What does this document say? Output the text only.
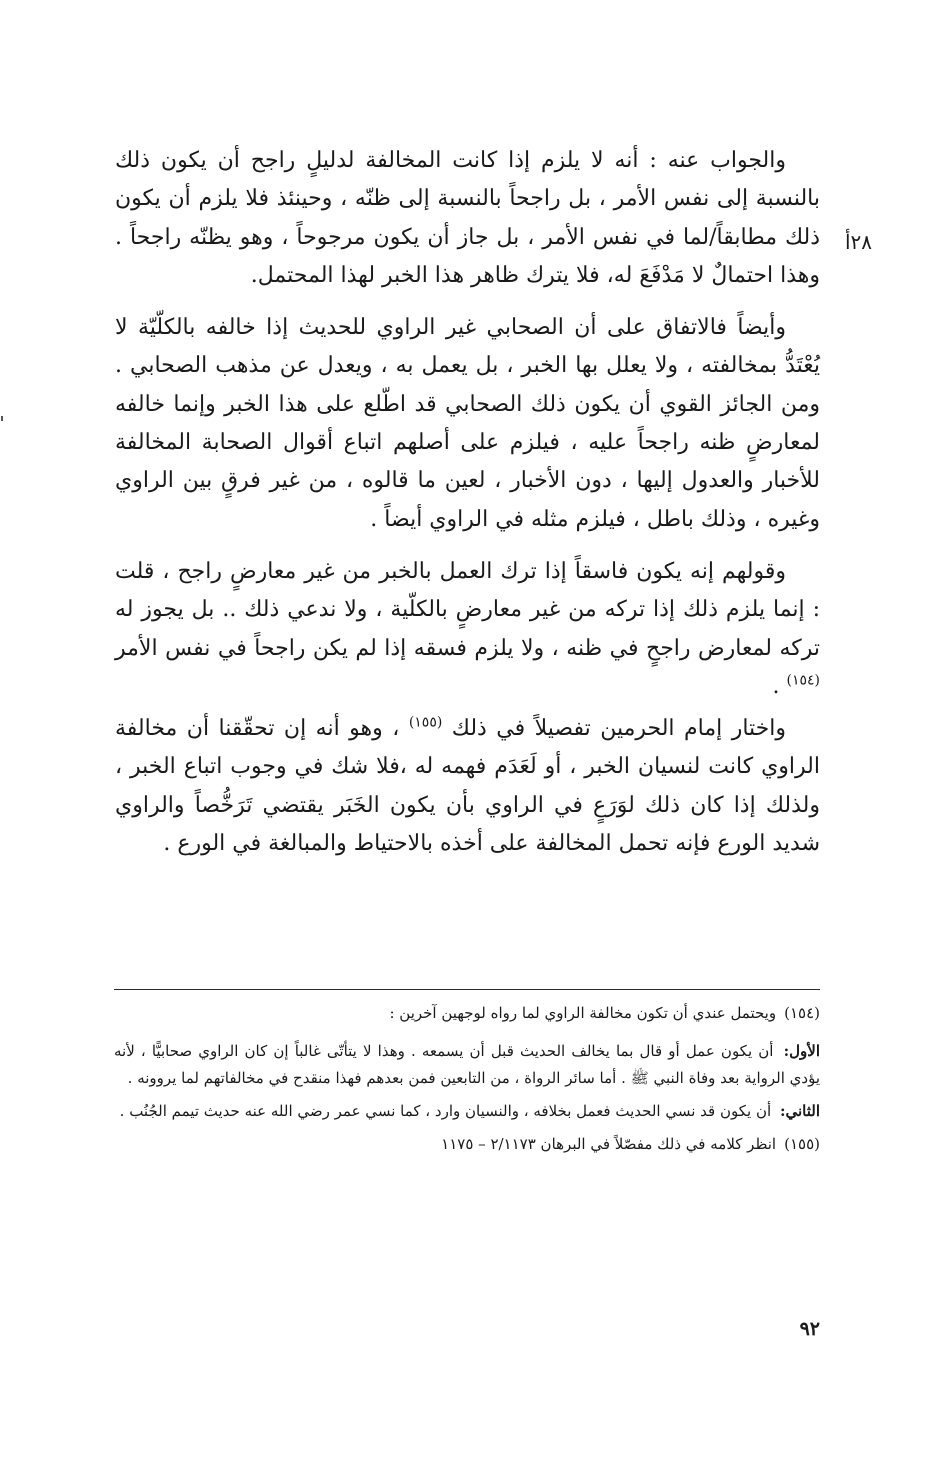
٢٨أ

والجواب عنه : أنه لا يلزم إذا كانت المخالفة لدليلٍ راجح أن يكون ذلك بالنسبة إلى نفس الأمر ، بل راجحاً بالنسبة إلى ظنّه ، وحينئذ فلا يلزم أن يكون ذلك مطابقاً/لما في نفس الأمر ، بل جاز أن يكون مرجوحاً ، وهو يظنّه راجحاً . وهذا احتمالٌ لا مَدْفَعَ له، فلا يترك ظاهر هذا الخبر لهذا المحتمل.

وأيضاً فالاتفاق على أن الصحابي غير الراوي للحديث إذا خالفه بالكلّيّة لا يُعْتَدُّ بمخالفته ، ولا يعلل بها الخبر ، بل يعمل به ، ويعدل عن مذهب الصحابي . ومن الجائز القوي أن يكون ذلك الصحابي قد اطّلع على هذا الخبر وإنما خالفه لمعارضٍ ظنه راجحاً عليه ، فيلزم على أصلهم اتباع أقوال الصحابة المخالفة للأخبار والعدول إليها ، دون الأخبار ، لعين ما قالوه ، من غير فرقٍ بين الراوي وغيره ، وذلك باطل ، فيلزم مثله في الراوي أيضاً .

وقولهم إنه يكون فاسقاً إذا ترك العمل بالخبر من غير معارضٍ راجح ، قلت : إنما يلزم ذلك إذا تركه من غير معارضٍ بالكلّية ، ولا ندعي ذلك .. بل يجوز له تركه لمعارض راجحٍ في ظنه ، ولا يلزم فسقه إذا لم يكن راجحاً في نفس الأمر $^{(١٥٤)}$ .

واختار إمام الحرمين تفصيلاً في ذلك $^{(١٥٥)}$ ، وهو أنه إن تحقّقنا أن مخالفة الراوي كانت لنسيان الخبر ، أو لَعَدَم فهمه له ،فلا شك في وجوب اتباع الخبر ، ولذلك إذا كان ذلك لوَرَعٍ في الراوي بأن يكون الخَبَر يقتضي تَرَخُّصاً والراوي شديد الورع فإنه تحمل المخالفة على أخذه بالاحتياط والمبالغة في الورع .

(١٥٤)ويحتمل عندي أن تكون مخالفة الراوي لما رواه لوجهين آخرين :

الأول: أن يكون عمل أو قال بما يخالف الحديث قبل أن يسمعه . وهذا لا يتأتّى غالباً إن كان الراوي صحابيًّا ، لأنه يؤدي الرواية بعد وفاة النبي ﷺ . أما سائر الرواة ، من التابعين فمن بعدهم فهذا منقدح في مخالفاتهم لما يروونه .

الثاني: أن يكون قد نسي الحديث فعمل بخلافه ، والنسيان وارد ، كما نسي عمر رضي الله عنه حديث تيمم الجُنُب .

(١٥٥)انظر كلامه في ذلك مفصّلاً في البرهان ٢/١١٧٣ – ١١٧٥

٩٢
